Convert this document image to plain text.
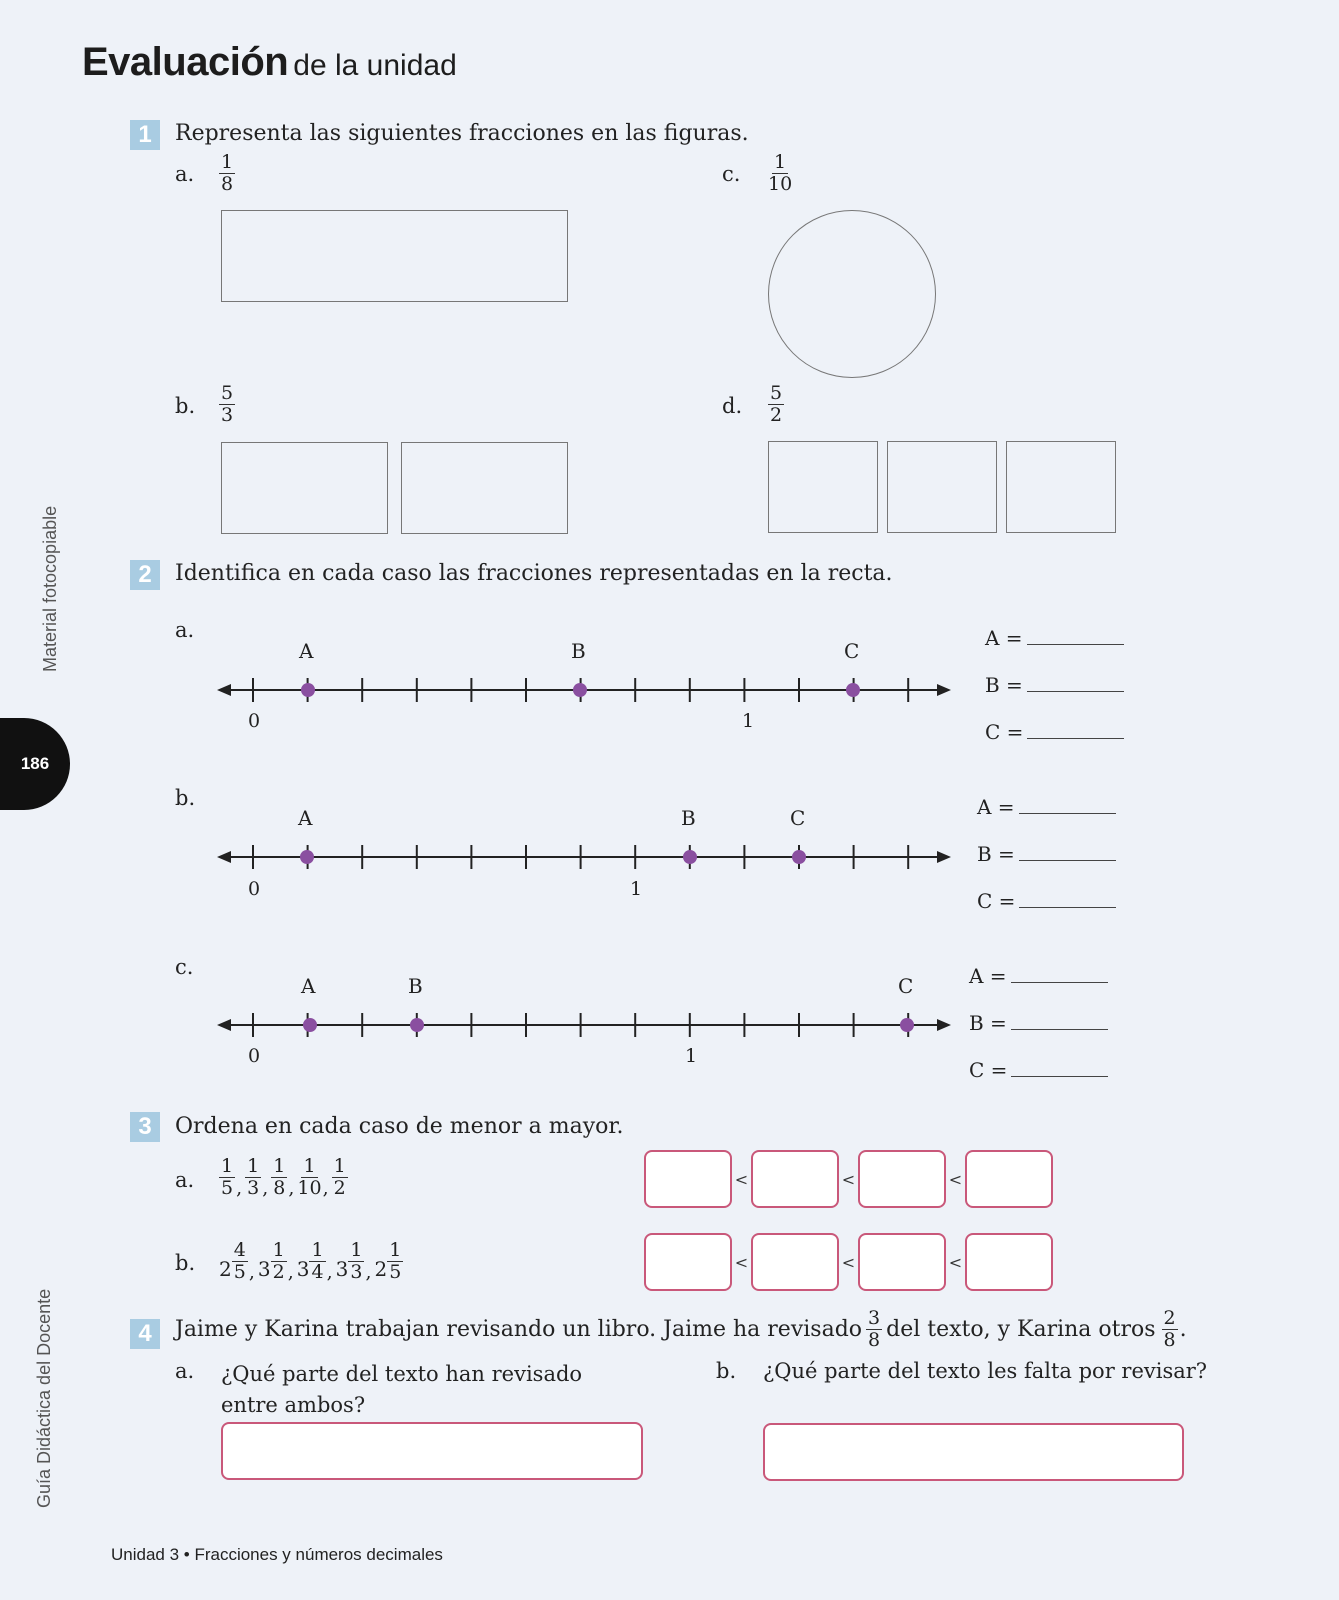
Evaluación de la unidad
Material fotocopiable
186
Guía Didáctica del Docente
1	Representa las siguientes fracciones en las figuras.
a. $\frac{1}{8}$	c. $\frac{1}{10}$
b. $\frac{5}{3}$	d. $\frac{5}{2}$
2	Identifica en cada caso las fracciones representadas en la recta.
a.
0	1
A	B	C
A =
B =
C =
b.
0	1
A	B	C	A =
B =
C =
c.
0	1
A	B	C	A =
B =
C =
3	Ordena en cada caso de menor a mayor.
a. $\frac{1}{5}$ , $\frac{1}{3}$ , $\frac{1}{8}$ , $\frac{1}{10}$ , $\frac{1}{2}$	<	<	<
b. $2 \frac{4}{5}$ , $3 \frac{1}{2}$ , $3 \frac{1}{4}$ , $3 \frac{1}{3}$ , $2 \frac{1}{5}$	<	<	<
4	Jaime y Karina trabajan revisando un libro. Jaime ha revisado $\frac{3}{8}$ del texto, y Karina otros $\frac{2}{8}$ .
a. ¿Qué parte del texto han revisado
entre ambos?
b. ¿Qué parte del texto les falta por revisar?
Unidad 3 • Fracciones y números decimales
